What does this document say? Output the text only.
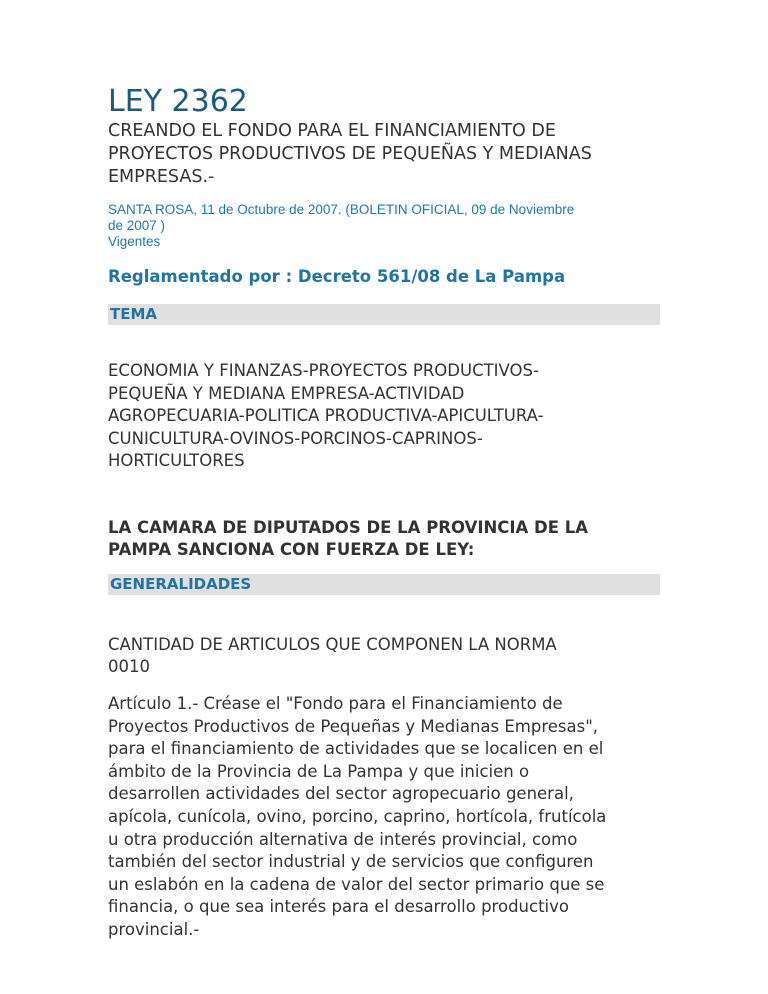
LEY 2362
CREANDO EL FONDO PARA EL FINANCIAMIENTO DE
PROYECTOS PRODUCTIVOS DE PEQUEÑAS Y MEDIANAS
EMPRESAS.-
SANTA ROSA, 11 de Octubre de 2007. (BOLETIN OFICIAL, 09 de Noviembre
de 2007 )
Vigentes
Reglamentado por : Decreto 561/08 de La Pampa
TEMA
ECONOMIA Y FINANZAS-PROYECTOS PRODUCTIVOS-
PEQUEÑA Y MEDIANA EMPRESA-ACTIVIDAD
AGROPECUARIA-POLITICA PRODUCTIVA-APICULTURA-
CUNICULTURA-OVINOS-PORCINOS-CAPRINOS-
HORTICULTORES
LA CAMARA DE DIPUTADOS DE LA PROVINCIA DE LA
PAMPA SANCIONA CON FUERZA DE LEY:
GENERALIDADES
CANTIDAD DE ARTICULOS QUE COMPONEN LA NORMA
0010
Artículo 1.- Créase el "Fondo para el Financiamiento de
Proyectos Productivos de Pequeñas y Medianas Empresas",
para el financiamiento de actividades que se localicen en el
ámbito de la Provincia de La Pampa y que inicien o
desarrollen actividades del sector agropecuario general,
apícola, cunícola, ovino, porcino, caprino, hortícola, frutícola
u otra producción alternativa de interés provincial, como
también del sector industrial y de servicios que configuren
un eslabón en la cadena de valor del sector primario que se
financia, o que sea interés para el desarrollo productivo
provincial.-
